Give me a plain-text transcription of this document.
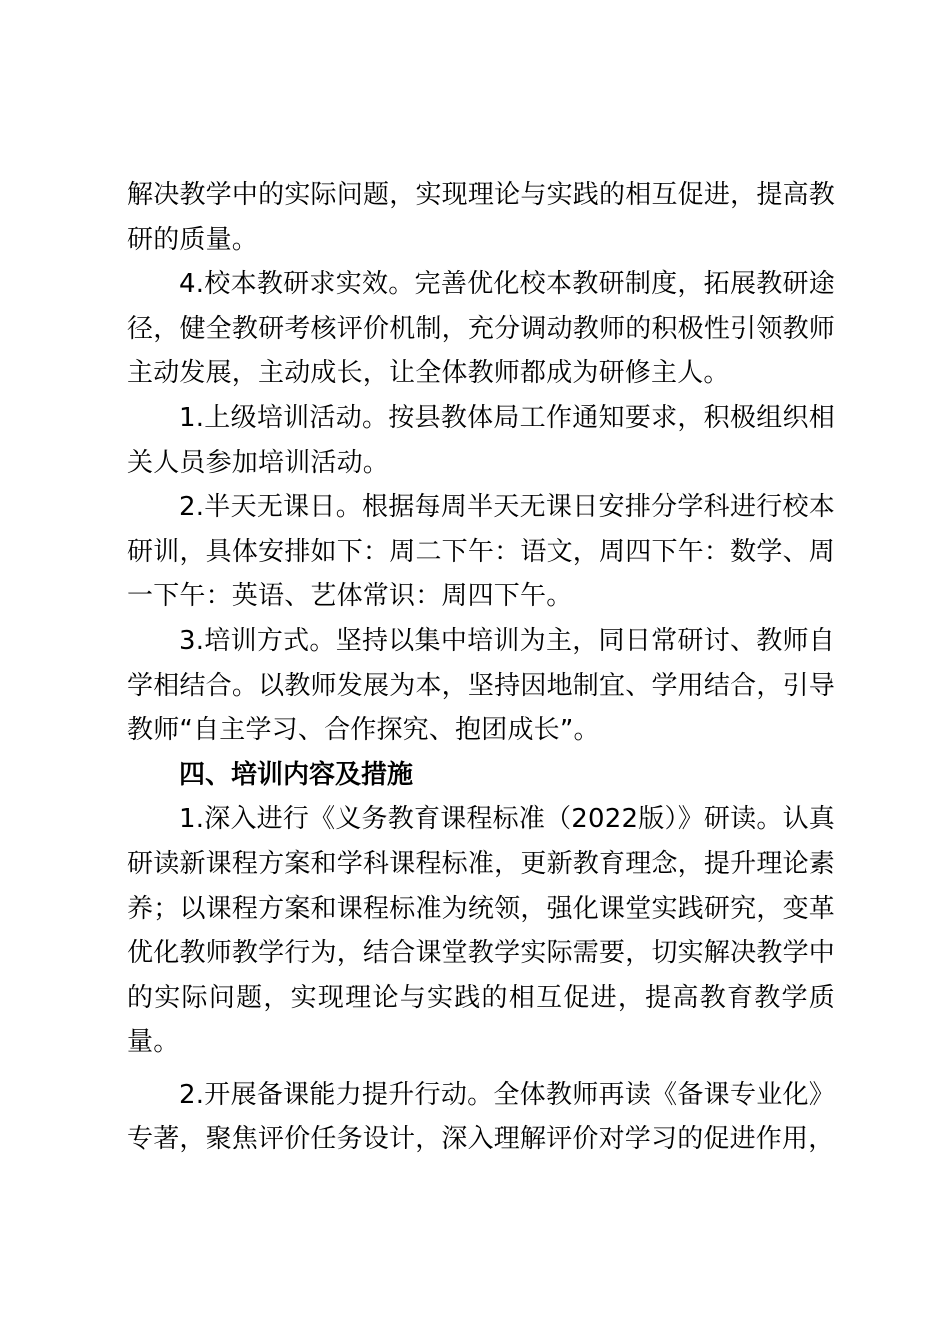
解决教学中的实际问题，实现理论与实践的相互促进，提高教研的质量。

4.校本教研求实效。完善优化校本教研制度，拓展教研途径，健全教研考核评价机制，充分调动教师的积极性引领教师主动发展，主动成长，让全体教师都成为研修主人。

1.上级培训活动。按县教体局工作通知要求，积极组织相关人员参加培训活动。

2.半天无课日。根据每周半天无课日安排分学科进行校本研训，具体安排如下：周二下午：语文，周四下午：数学、周一下午：英语、艺体常识：周四下午。

3.培训方式。坚持以集中培训为主，同日常研讨、教师自学相结合。以教师发展为本，坚持因地制宜、学用结合，引导教师“自主学习、合作探究、抱团成长”。

四、培训内容及措施

1.深入进行《义务教育课程标准（2022版）》研读。认真研读新课程方案和学科课程标准，更新教育理念，提升理论素养；以课程方案和课程标准为统领，强化课堂实践研究，变革优化教师教学行为，结合课堂教学实际需要，切实解决教学中的实际问题，实现理论与实践的相互促进，提高教育教学质量。

2.开展备课能力提升行动。全体教师再读《备课专业化》专著，聚焦评价任务设计，深入理解评价对学习的促进作用，
